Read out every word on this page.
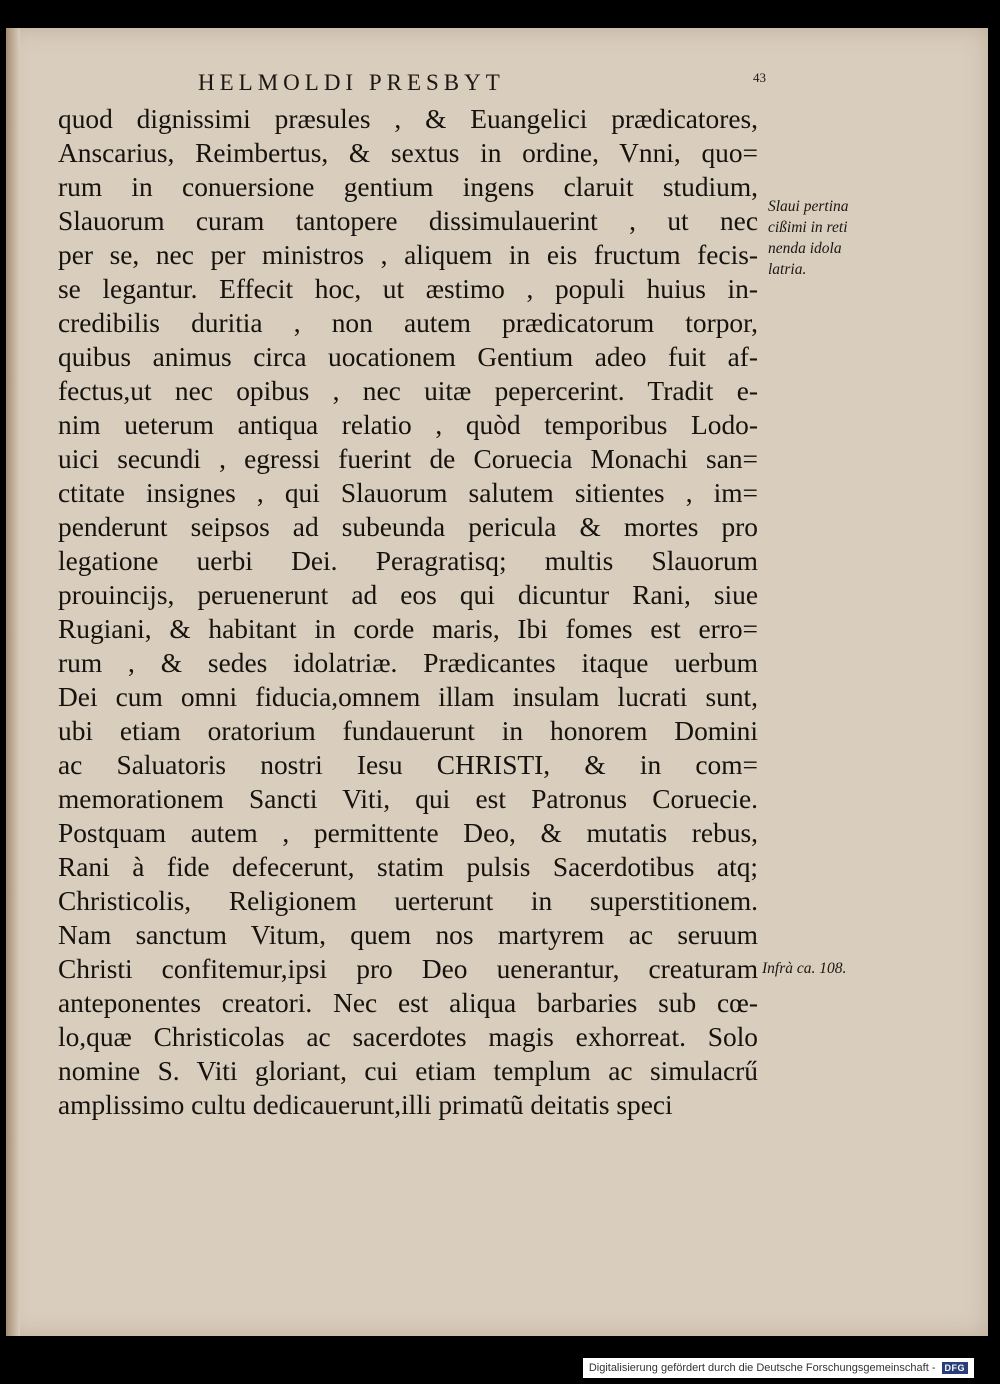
HELMOLDI PRESBYT	43
quod dignissimi præsules , & Euangelici prædicatores,
Anscarius, Reimbertus, & sextus in ordine, Vnni, quo=
rum in conuersione gentium ingens claruit studium,
Slauorum curam tantopere dissimulauerint , ut nec
per se, nec per ministros , aliquem in eis fructum fecis-
se legantur. Effecit hoc, ut æstimo , populi huius in-
credibilis duritia , non autem prædicatorum torpor,
quibus animus circa uocationem Gentium adeo fuit af-
fectus,ut nec opibus , nec uitæ pepercerint. Tradit e-
nim ueterum antiqua relatio , quòd temporibus Lodo-
uici secundi , egressi fuerint de Coruecia Monachi san=
ctitate insignes , qui Slauorum salutem sitientes , im=
penderunt seipsos ad subeunda pericula & mortes pro
legatione uerbi Dei. Peragratisq; multis Slauorum
prouincijs, peruenerunt ad eos qui dicuntur Rani, siue
Rugiani, & habitant in corde maris, Ibi fomes est erro=
rum , & sedes idolatriæ. Prædicantes itaque uerbum
Dei cum omni fiducia,omnem illam insulam lucrati sunt,
ubi etiam oratorium fundauerunt in honorem Domini
ac Saluatoris nostri Iesu CHRISTI, & in com=
memorationem Sancti Viti, qui est Patronus Coruecie.
Postquam autem , permittente Deo, & mutatis rebus,
Rani à fide defecerunt, statim pulsis Sacerdotibus atq;
Christicolis, Religionem uerterunt in superstitionem.
Nam sanctum Vitum, quem nos martyrem ac seruum
Christi confitemur,ipsi pro Deo uenerantur, creaturam
anteponentes creatori. Nec est aliqua barbaries sub cœ-
lo,quæ Christicolas ac sacerdotes magis exhorreat. Solo
nomine S. Viti gloriant, cui etiam templum ac simulacrű
amplissimo cultu dedicauerunt,illi primatũ deitatis speci
Slaui pertina
cißimi in reti
nenda idola
latria.
Infrà ca. 108.
Digitalisierung gefördert durch die Deutsche Forschungsgemeinschaft -	DFG
